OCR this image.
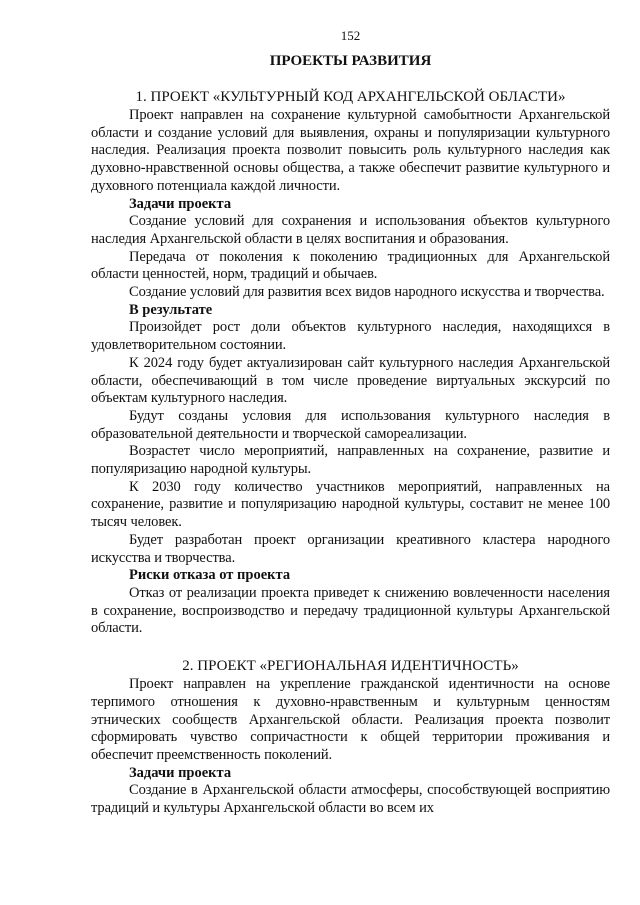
152
ПРОЕКТЫ РАЗВИТИЯ
1. ПРОЕКТ «КУЛЬТУРНЫЙ КОД АРХАНГЕЛЬСКОЙ ОБЛАСТИ»

Проект направлен на сохранение культурной самобытности Архангельской области и создание условий для выявления, охраны и популяризации культурного наследия. Реализация проекта позволит повысить роль культурного наследия как духовно-нравственной основы общества, а также обеспечит развитие культурного и духовного потенциала каждой личности.

Задачи проекта

Создание условий для сохранения и использования объектов культурного наследия Архангельской области в целях воспитания и образования.

Передача от поколения к поколению традиционных для Архангельской области ценностей, норм, традиций и обычаев.

Создание условий для развития всех видов народного искусства и творчества.

В результате

Произойдет рост доли объектов культурного наследия, находящихся в удовлетворительном состоянии.

К 2024 году будет актуализирован сайт культурного наследия Архангельской области, обеспечивающий в том числе проведение виртуальных экскурсий по объектам культурного наследия.

Будут созданы условия для использования культурного наследия в образовательной деятельности и творческой самореализации.

Возрастет число мероприятий, направленных на сохранение, развитие и популяризацию народной культуры.

К 2030 году количество участников мероприятий, направленных на сохранение, развитие и популяризацию народной культуры, составит не менее 100 тысяч человек.

Будет разработан проект организации креативного кластера народного искусства и творчества.

Риски отказа от проекта

Отказ от реализации проекта приведет к снижению вовлеченности населения в сохранение, воспроизводство и передачу традиционной культуры Архангельской области.

2. ПРОЕКТ «РЕГИОНАЛЬНАЯ ИДЕНТИЧНОСТЬ»

Проект направлен на укрепление гражданской идентичности на основе терпимого отношения к духовно-нравственным и культурным ценностям этнических сообществ Архангельской области. Реализация проекта позволит сформировать чувство сопричастности к общей территории проживания и обеспечит преемственность поколений.

Задачи проекта

Создание в Архангельской области атмосферы, способствующей восприятию традиций и культуры Архангельской области во всем их
